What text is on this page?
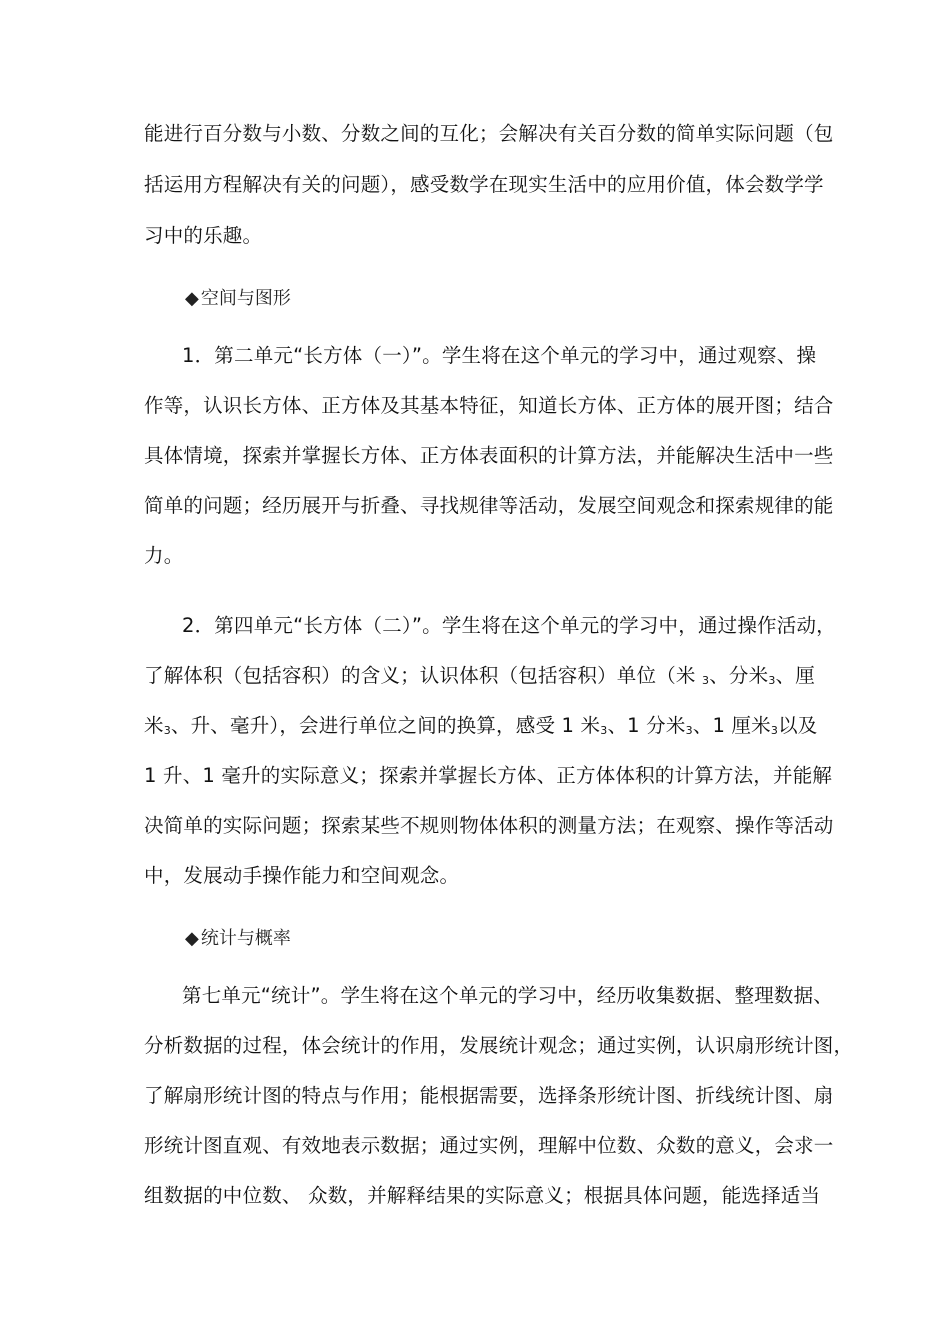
能进行百分数与小数、分数之间的互化；会解决有关百分数的简单实际问题（包
括运用方程解决有关的问题），感受数学在现实生活中的应用价值，体会数学学
习中的乐趣。
◆ 空间与图形
1．第二单元“长方体（一）”。学生将在这个单元的学习中，通过观察、操
作等，认识长方体、正方体及其基本特征，知道长方体、正方体的展开图；结合
具体情境，探索并掌握长方体、正方体表面积的计算方法，并能解决生活中一些
简单的问题；经历展开与折叠、寻找规律等活动，发展空间观念和探索规律的能
力。
2．第四单元“长方体（二）”。学生将在这个单元的学习中，通过操作活动，
了解体积（包括容积）的含义；认识体积（包括容积）单位（米 $_3$、分米$_3$、厘
米$_3$、升、毫升），会进行单位之间的换算，感受 1 米$_3$、1 分米$_3$、1 厘米$_3$以及
1 升、1 毫升的实际意义；探索并掌握长方体、正方体体积的计算方法，并能解
决简单的实际问题；探索某些不规则物体体积的测量方法；在观察、操作等活动
中，发展动手操作能力和空间观念。
◆ 统计与概率
第七单元“统计”。学生将在这个单元的学习中，经历收集数据、整理数据、
分析数据的过程，体会统计的作用，发展统计观念；通过实例，认识扇形统计图，
了解扇形统计图的特点与作用；能根据需要，选择条形统计图、折线统计图、扇
形统计图直观、有效地表示数据；通过实例，理解中位数、众数的意义，会求一
组数据的中位数、 众数，并解释结果的实际意义；根据具体问题，能选择适当
